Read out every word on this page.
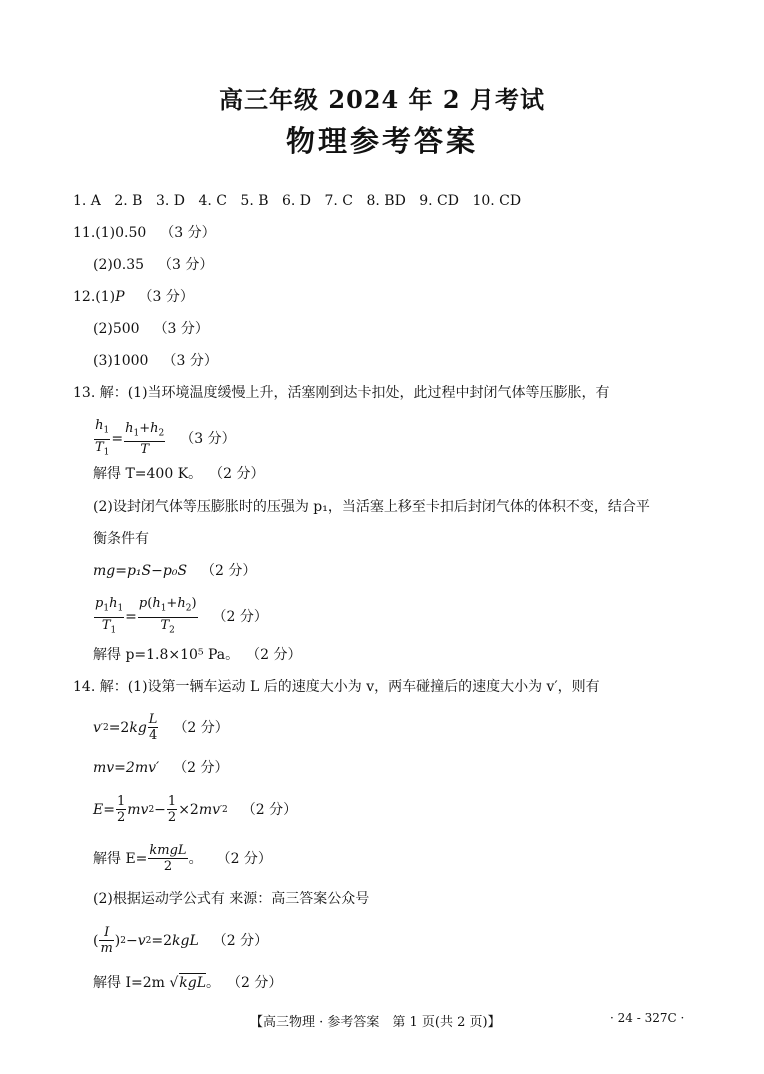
高三年级 2024 年 2 月考试
物理参考答案
1. A 2. B 3. D 4. C 5. B 6. D 7. C 8. BD 9. CD 10. CD
11.(1)0.50 （3 分）
(2)0.35 （3 分）
12.(1)P （3 分）
(2)500 （3 分）
(3)1000 （3 分）
13. 解：(1)当环境温度缓慢上升，活塞刚到达卡扣处，此过程中封闭气体等压膨胀，有
$\frac{h_1}{T_1} = \frac{h_1+h_2}{T} (3$ 分）
解得 T=400 K。 （2 分）
(2)设封闭气体等压膨胀时的压强为 p₁，当活塞上移至卡扣后封闭气体的体积不变，结合平
衡条件有
mg=p₁S−p₀S （2 分）
$\frac{p_1h_1}{T_1} = \frac{p(h_1+h_2)}{T_2} (2$ 分）
解得 p=1.8×10⁵ Pa。 （2 分）
14. 解：(1)设第一辆车运动 L 后的速度大小为 v，两车碰撞后的速度大小为 v′，则有
v ′2 =2 kg $\frac{L}{4} (2$ 分）
mv=2mv′ （2 分）
$E = \frac{1}{2}$ mv $2 - \frac{1}{2} \times 2$ mv ′2 （2 分）
解得 $E= \frac{\text{kmgL}}{2}$ 。 （2 分）
(2)根据运动学公式有 来源：高三答案公众号
( $\frac{I}{m}$ ) 2 − v 2 =2 kgL （2 分）
解得 I=2m √kgL。 （2 分）
【高三物理 · 参考答案　第 1 页(共 2 页)】	· 24 - 327C ·
